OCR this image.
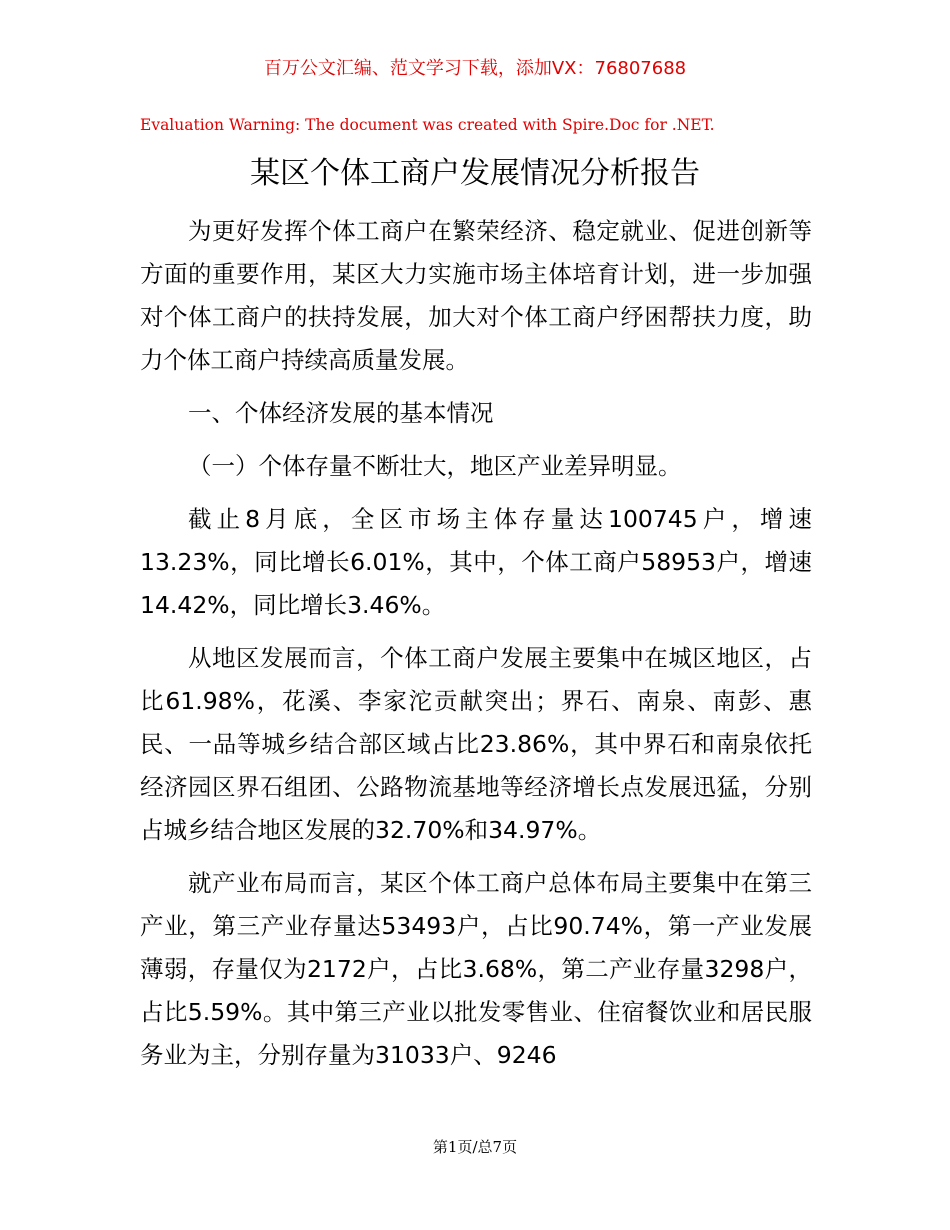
百万公文汇编、范文学习下载，添加VX：76807688
Evaluation Warning: The document was created with Spire.Doc for .NET.
某区个体工商户发展情况分析报告

为更好发挥个体工商户在繁荣经济、稳定就业、促进创新等方面的重要作用，某区大力实施市场主体培育计划，进一步加强对个体工商户的扶持发展，加大对个体工商户纾困帮扶力度，助力个体工商户持续高质量发展。

一、个体经济发展的基本情况

（一）个体存量不断壮大，地区产业差异明显。

截止8月底，全区市场主体存量达100745户，增速13.23%，同比增长6.01%，其中，个体工商户58953户，增速14.42%，同比增长3.46%。

从地区发展而言，个体工商户发展主要集中在城区地区，占比61.98%，花溪、李家沱贡献突出；界石、南泉、南彭、惠民、一品等城乡结合部区域占比23.86%，其中界石和南泉依托经济园区界石组团、公路物流基地等经济增长点发展迅猛，分别占城乡结合地区发展的32.70%和34.97%。

就产业布局而言，某区个体工商户总体布局主要集中在第三产业，第三产业存量达53493户，占比90.74%，第一产业发展薄弱，存量仅为2172户，占比3.68%，第二产业存量3298户，占比5.59%。其中第三产业以批发零售业、住宿餐饮业和居民服务业为主，分别存量为31033户、9246

第1页/总7页
